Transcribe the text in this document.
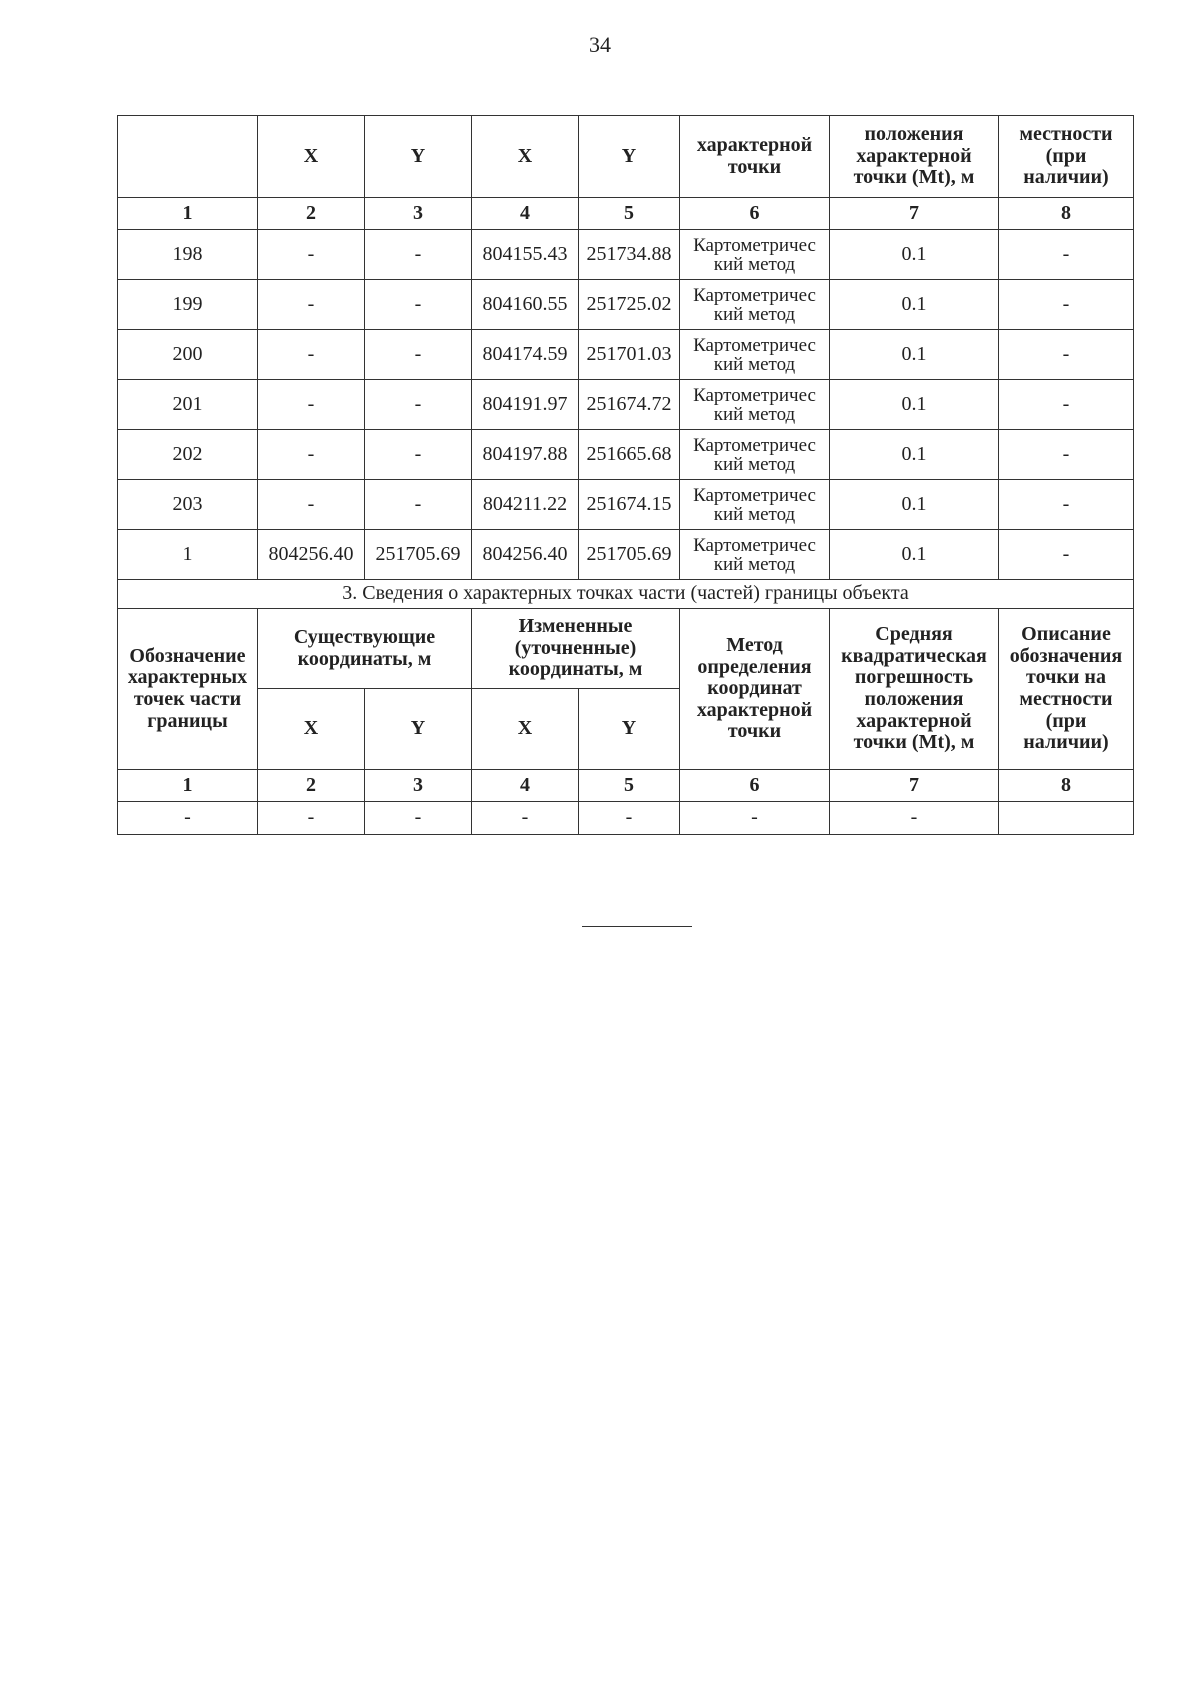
34
	X	Y	X	Y	характерной точки	положения характерной точки (Mt), м	местности (при наличии)
1	2	3	4	5	6	7	8
198	-	-	804155.43	251734.88	Картометричес кий метод	0.1	-
199	-	-	804160.55	251725.02	Картометричес кий метод	0.1	-
200	-	-	804174.59	251701.03	Картометричес кий метод	0.1	-
201	-	-	804191.97	251674.72	Картометричес кий метод	0.1	-
202	-	-	804197.88	251665.68	Картометричес кий метод	0.1	-
203	-	-	804211.22	251674.15	Картометричес кий метод	0.1	-
1	804256.40	251705.69	804256.40	251705.69	Картометричес кий метод	0.1	-
3. Сведения о характерных точках части (частей) границы объекта							
Обозначение характерных точек части границы	Существующие координаты, м		Измененные (уточненные) координаты, м		Метод определения координат характерной точки	Средняя квадратическая погрешность положения характерной точки (Mt), м	Описание обозначения точки на местности (при наличии)
	X	Y	X	Y			
1	2	3	4	5	6	7	8
-	-	-	-	-	-	-	
